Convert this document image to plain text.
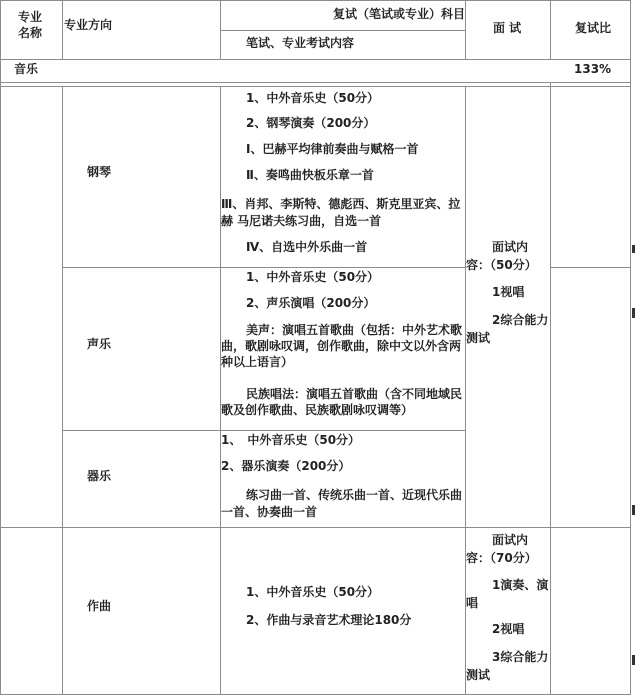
专业
名称
专业方向
复试（笔试或专业）科目
笔试、专业考试内容
面 试	复试比
音乐	133%
钢琴
1、中外音乐史（50分）
2、钢琴演奏（200分）
Ⅰ、巴赫平均律前奏曲与赋格一首
Ⅱ、奏鸣曲快板乐章一首
Ⅲ、肖邦、李斯特、德彪西、斯克里亚宾、拉赫 马尼诺夫练习曲，自选一首
Ⅳ、自选中外乐曲一首
声乐
1、中外音乐史（50分）
2、声乐演唱（200分）
美声：演唱五首歌曲（包括：中外艺术歌曲，歌剧咏叹调，创作歌曲，除中文以外含两种以上语言）
民族唱法：演唱五首歌曲（含不同地域民歌及创作歌曲、民族歌剧咏叹调等）
器乐
1、　中外音乐史（50分）
2、器乐演奏（200分）
练习曲一首、传统乐曲一首、近现代乐曲一首、协奏曲一首
面试内容：（50分）
1视唱
2综合能力测试
作曲
1、中外音乐史（50分）
2、作曲与录音艺术理论180分
面试内容：（70分）
1演奏、演唱
2视唱
3综合能力测试
